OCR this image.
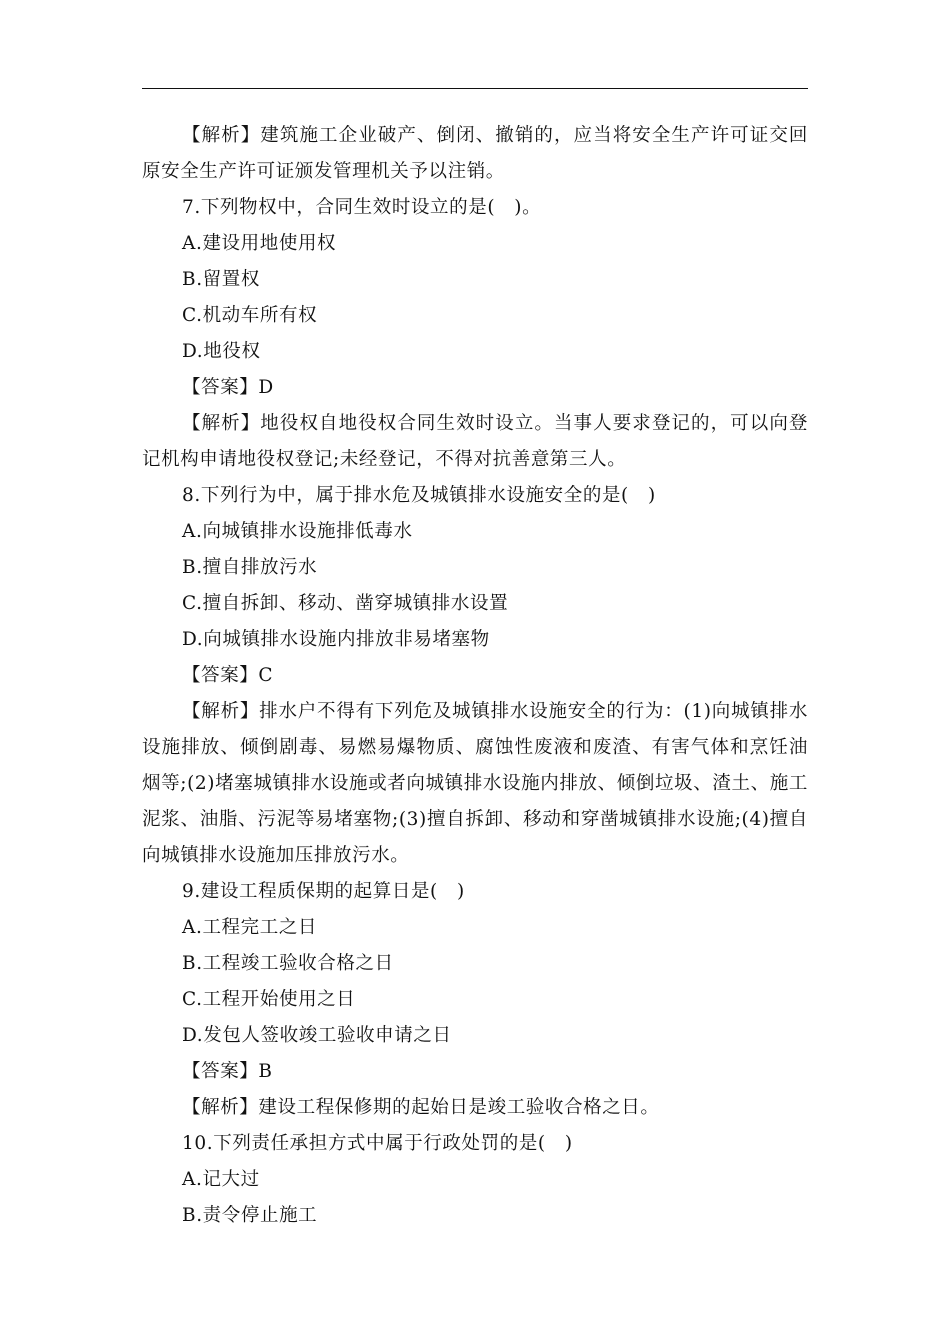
【解析】建筑施工企业破产、倒闭、撤销的，应当将安全生产许可证交回原安全生产许可证颁发管理机关予以注销。

7.下列物权中，合同生效时设立的是(　)。

A.建设用地使用权

B.留置权

C.机动车所有权

D.地役权

【答案】D

【解析】地役权自地役权合同生效时设立。当事人要求登记的，可以向登记机构申请地役权登记;未经登记，不得对抗善意第三人。

8.下列行为中，属于排水危及城镇排水设施安全的是(　)

A.向城镇排水设施排低毒水

B.擅自排放污水

C.擅自拆卸、移动、凿穿城镇排水设置

D.向城镇排水设施内排放非易堵塞物

【答案】C

【解析】排水户不得有下列危及城镇排水设施安全的行为：(1)向城镇排水设施排放、倾倒剧毒、易燃易爆物质、腐蚀性废液和废渣、有害气体和烹饪油烟等;(2)堵塞城镇排水设施或者向城镇排水设施内排放、倾倒垃圾、渣土、施工泥浆、油脂、污泥等易堵塞物;(3)擅自拆卸、移动和穿凿城镇排水设施;(4)擅自向城镇排水设施加压排放污水。

9.建设工程质保期的起算日是(　)

A.工程完工之日

B.工程竣工验收合格之日

C.工程开始使用之日

D.发包人签收竣工验收申请之日

【答案】B

【解析】建设工程保修期的起始日是竣工验收合格之日。

10.下列责任承担方式中属于行政处罚的是(　)

A.记大过

B.责令停止施工
